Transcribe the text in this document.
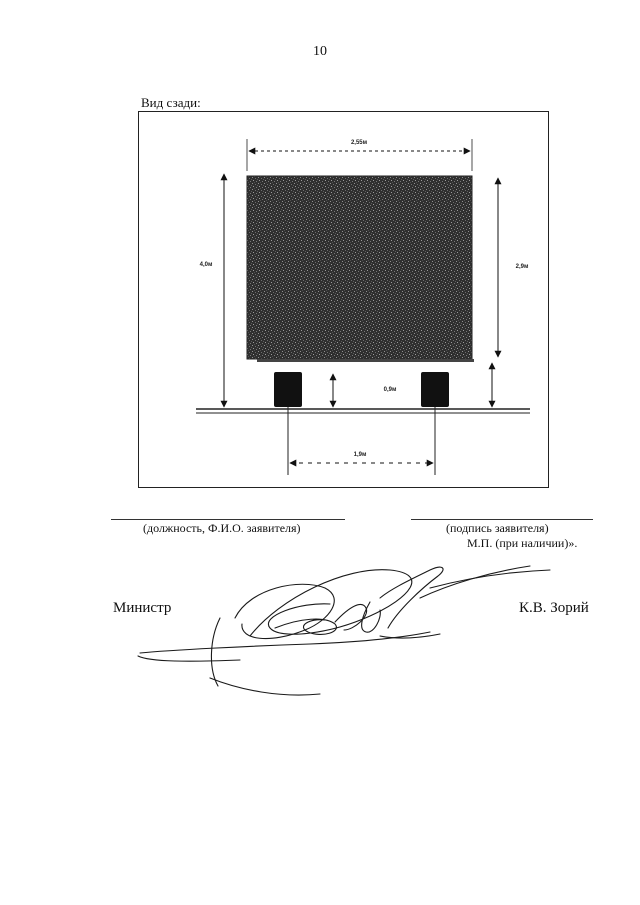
10
Вид сзади:
2,55м
4,0м	2,9м
0,9м
1,9м
(должность, Ф.И.О. заявителя)	(подпись заявителя)
М.П. (при наличии)».
Министр	К.В. Зорий
